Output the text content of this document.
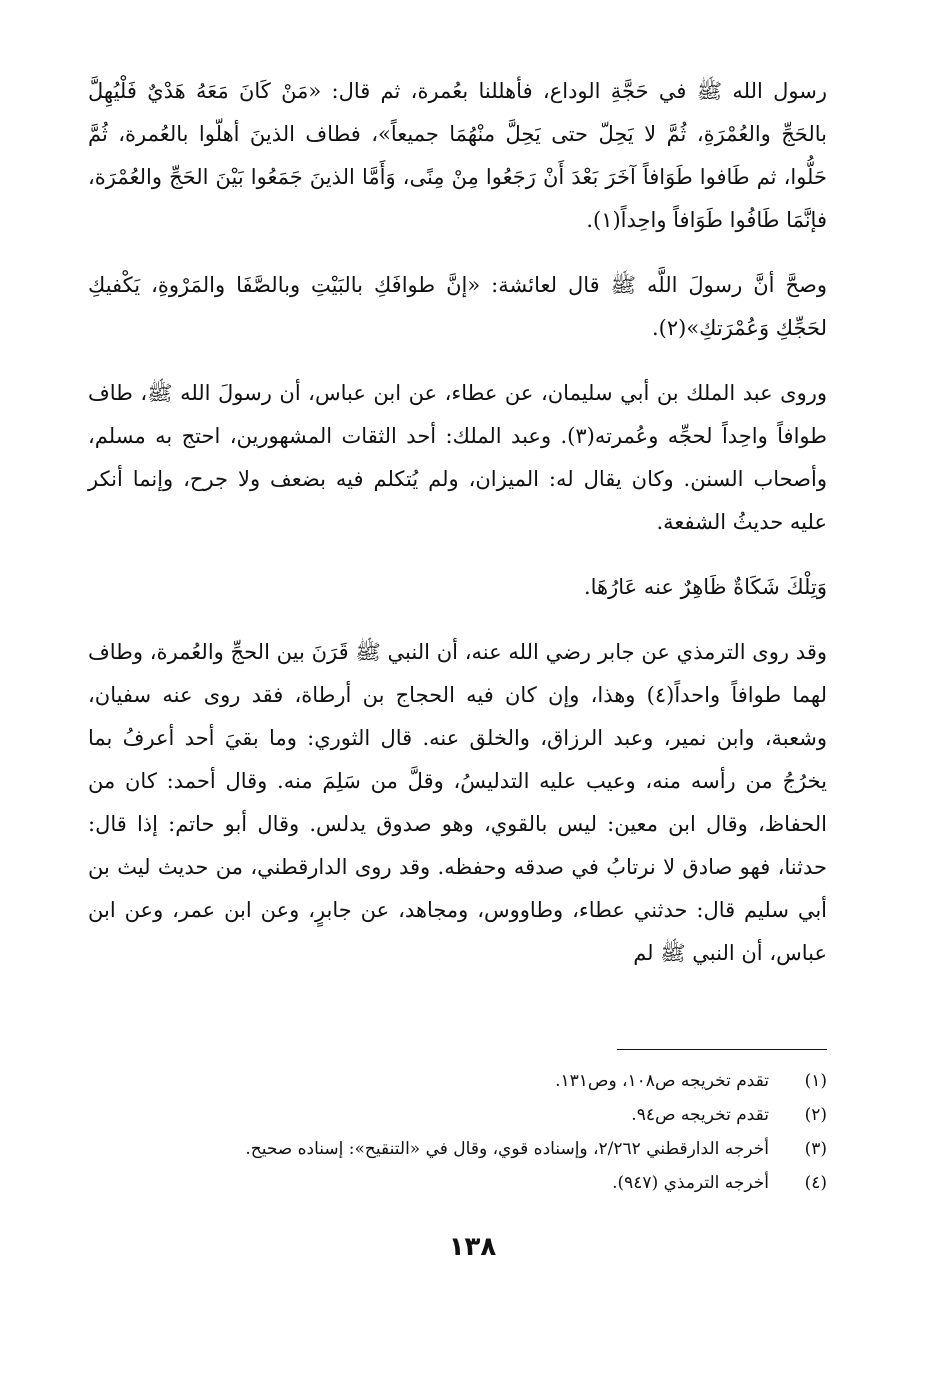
رسول الله ﷺ في حَجَّةِ الوداع، فأهللنا بعُمرة، ثم قال: «مَنْ كَانَ مَعَهُ هَدْيٌ فَلْيُهِلَّ بالحَجِّ والعُمْرَةِ، ثُمَّ لا يَحِلّ حتى يَحِلَّ منْهُمَا جميعاً»، فطاف الذينَ أهلّوا بالعُمرة، ثُمَّ حَلُّوا، ثم طَافوا طَوَافاً آخَرَ بَعْدَ أَنْ رَجَعُوا مِنْ مِنًى، وَأَمَّا الذينَ جَمَعُوا بَيْنَ الحَجِّ والعُمْرَة، فإنَّمَا طَافُوا طَوَافاً واحِداً(١).

وصحَّ أنَّ رسولَ اللَّه ﷺ قال لعائشة: «إنَّ طوافَكِ بالبَيْتِ وبالصَّفَا والمَرْوةِ، يَكْفيكِ لحَجِّكِ وَعُمْرَتكِ»(٢).

وروى عبد الملك بن أبي سليمان، عن عطاء، عن ابن عباس، أن رسولَ الله ﷺ، طاف طوافاً واحِداً لحجِّه وعُمرته(٣). وعبد الملك: أحد الثقات المشهورين، احتج به مسلم، وأصحاب السنن. وكان يقال له: الميزان، ولم يُتكلم فيه بضعف ولا جرح، وإنما أنكر عليه حديثُ الشفعة.

وَتِلْكَ شَكَاةٌ ظَاهِرٌ عنه عَارُهَا.

وقد روى الترمذي عن جابر رضي الله عنه، أن النبي ﷺ قَرَنَ بين الحجِّ والعُمرة، وطاف لهما طوافاً واحداً(٤) وهذا، وإن كان فيه الحجاج بن أرطاة، فقد روى عنه سفيان، وشعبة، وابن نمير، وعبد الرزاق، والخلق عنه. قال الثوري: وما بقيَ أحد أعرفُ بما يخرُجُ من رأسه منه، وعيب عليه التدليسُ، وقلَّ من سَلِمَ منه. وقال أحمد: كان من الحفاظ، وقال ابن معين: ليس بالقوي، وهو صدوق يدلس. وقال أبو حاتم: إذا قال: حدثنا، فهو صادق لا نرتابُ في صدقه وحفظه. وقد روى الدارقطني، من حديث ليث بن أبي سليم قال: حدثني عطاء، وطاووس، ومجاهد، عن جابرٍ، وعن ابن عمر، وعن ابن عباس، أن النبي ﷺ لم

(١)
تقدم تخريجه ص١٠٨، وص١٣١.
(٢)
تقدم تخريجه ص٩٤.
(٣)
أخرجه الدارقطني ٢/٢٦٢، وإسناده قوي، وقال في «التنقيح»: إسناده صحيح.
(٤)
أخرجه الترمذي (٩٤٧).
١٣٨
